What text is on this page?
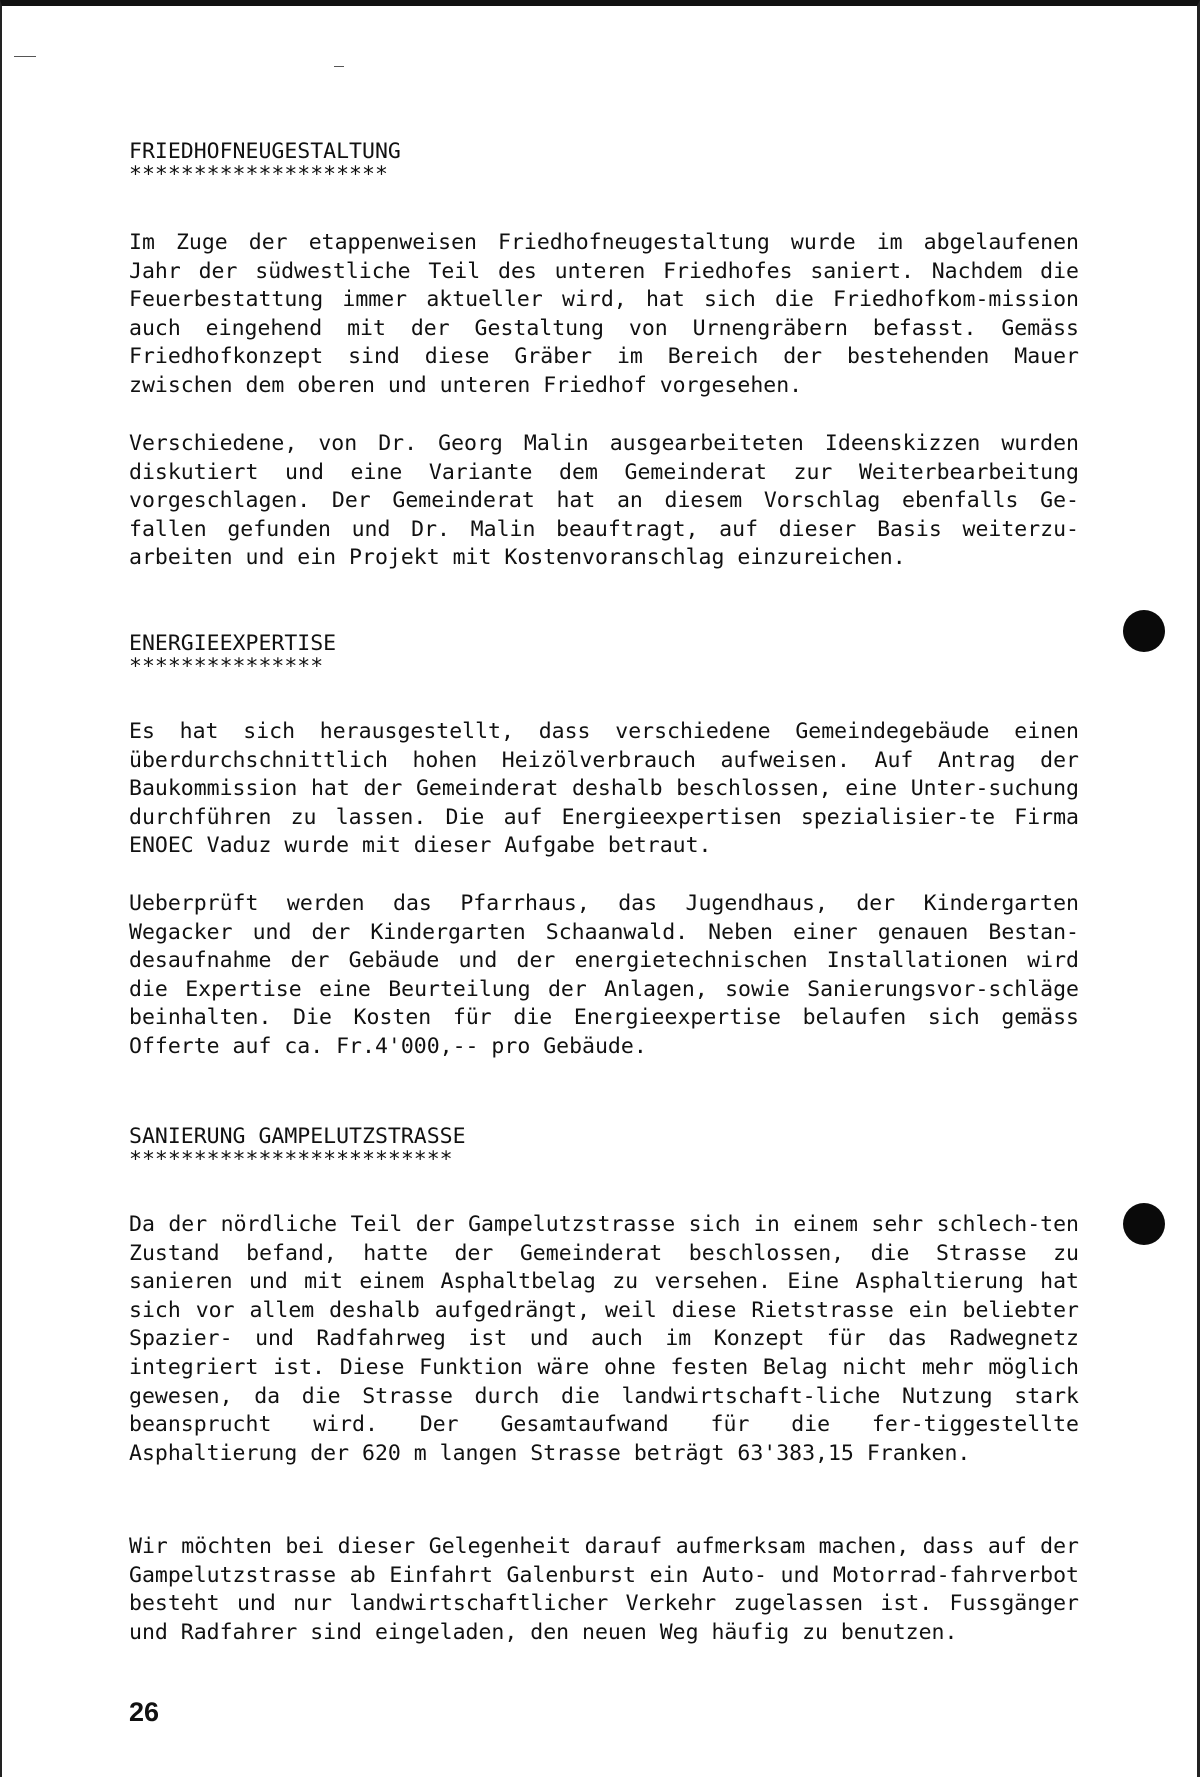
FRIEDHOFNEUGESTALTUNG
********************

Im Zuge der etappenweisen Friedhofneugestaltung wurde im abgelaufenen Jahr der südwestliche Teil des unteren Friedhofes saniert. Nachdem die Feuerbestattung immer aktueller wird, hat sich die Friedhofkom-mission auch eingehend mit der Gestaltung von Urnengräbern befasst. Gemäss Friedhofkonzept sind diese Gräber im Bereich der bestehenden Mauer zwischen dem oberen und unteren Friedhof vorgesehen.

Verschiedene, von Dr. Georg Malin ausgearbeiteten Ideenskizzen wurden diskutiert und eine Variante dem Gemeinderat zur Weiterbearbeitung vorgeschlagen. Der Gemeinderat hat an diesem Vorschlag ebenfalls Ge-fallen gefunden und Dr. Malin beauftragt, auf dieser Basis weiterzu-arbeiten und ein Projekt mit Kostenvoranschlag einzureichen.

ENERGIEEXPERTISE
***************

Es hat sich herausgestellt, dass verschiedene Gemeindegebäude einen überdurchschnittlich hohen Heizölverbrauch aufweisen. Auf Antrag der Baukommission hat der Gemeinderat deshalb beschlossen, eine Unter-suchung durchführen zu lassen. Die auf Energieexpertisen spezialisier-te Firma ENOEC Vaduz wurde mit dieser Aufgabe betraut.

Ueberprüft werden das Pfarrhaus, das Jugendhaus, der Kindergarten Wegacker und der Kindergarten Schaanwald. Neben einer genauen Bestan-desaufnahme der Gebäude und der energietechnischen Installationen wird die Expertise eine Beurteilung der Anlagen, sowie Sanierungsvor-schläge beinhalten. Die Kosten für die Energieexpertise belaufen sich gemäss Offerte auf ca. Fr.4'000,-- pro Gebäude.

SANIERUNG GAMPELUTZSTRASSE
*************************

Da der nördliche Teil der Gampelutzstrasse sich in einem sehr schlech-ten Zustand befand, hatte der Gemeinderat beschlossen, die Strasse zu sanieren und mit einem Asphaltbelag zu versehen. Eine Asphaltierung hat sich vor allem deshalb aufgedrängt, weil diese Rietstrasse ein beliebter Spazier- und Radfahrweg ist und auch im Konzept für das Radwegnetz integriert ist. Diese Funktion wäre ohne festen Belag nicht mehr möglich gewesen, da die Strasse durch die landwirtschaft-liche Nutzung stark beansprucht wird. Der Gesamtaufwand für die fer-tiggestellte Asphaltierung der 620 m langen Strasse beträgt 63'383,15 Franken.

Wir möchten bei dieser Gelegenheit darauf aufmerksam machen, dass auf der Gampelutzstrasse ab Einfahrt Galenburst ein Auto- und Motorrad-fahrverbot besteht und nur landwirtschaftlicher Verkehr zugelassen ist. Fussgänger und Radfahrer sind eingeladen, den neuen Weg häufig zu benutzen.

26
